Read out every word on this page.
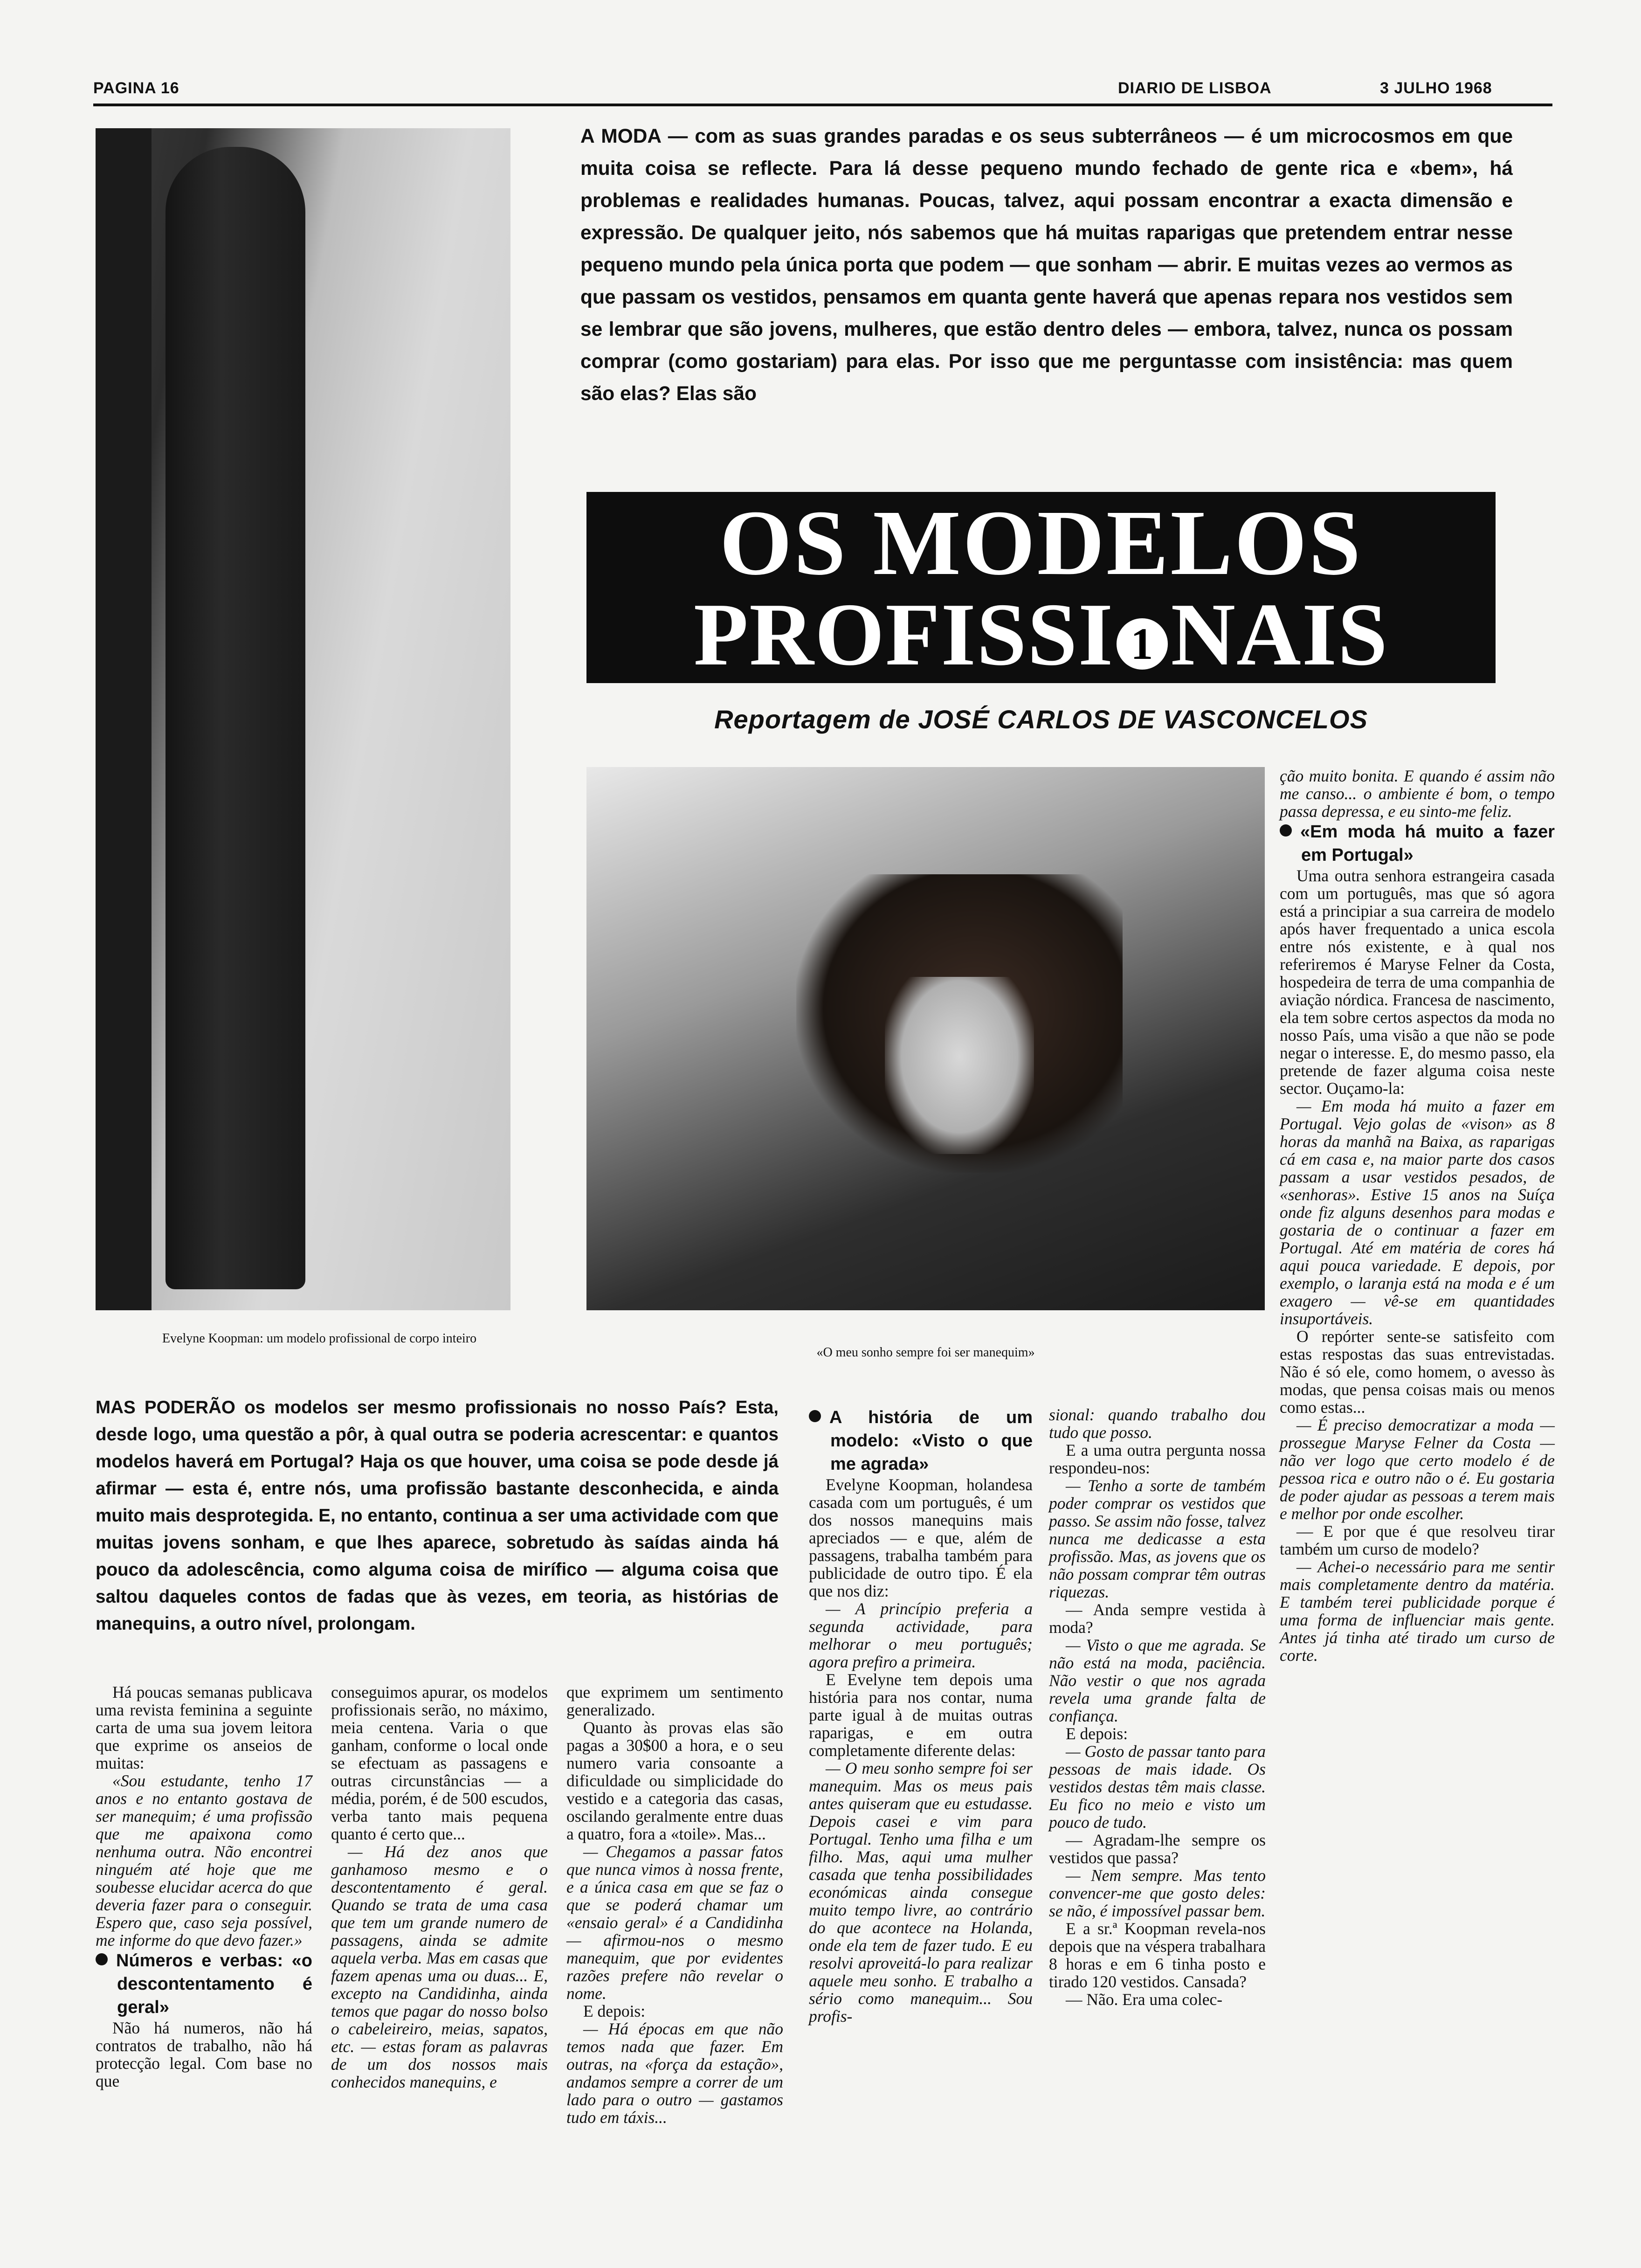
PAGINA 16	DIARIO DE LISBOA	3 JULHO 1968
Evelyne Koopman: um modelo profissional de corpo inteiro

A MODA — com as suas grandes paradas e os seus subterrâneos — é um microcosmos em que muita coisa se reflecte. Para lá desse pequeno mundo fechado de gente rica e «bem», há problemas e realidades humanas. Poucas, talvez, aqui possam encontrar a exacta dimensão e expressão. De qualquer jeito, nós sabemos que há muitas raparigas que pretendem entrar nesse pequeno mundo pela única porta que podem — que sonham — abrir. E muitas vezes ao vermos as que passam os vestidos, pensamos em quanta gente haverá que apenas repara nos vestidos sem se lembrar que são jovens, mulheres, que estão dentro deles — embora, talvez, nunca os possam comprar (como gostariam) para elas. Por isso que me perguntasse com insistência: mas quem são elas? Elas são

OS MODELOS
PROFISSI 1 NAIS
Reportagem de JOSÉ CARLOS DE VASCONCELOS
«O meu sonho sempre foi ser manequim»

MAS PODERÃO os modelos ser mesmo profissionais no nosso País? Esta, desde logo, uma questão a pôr, à qual outra se poderia acrescentar: e quantos modelos haverá em Portugal? Haja os que houver, uma coisa se pode desde já afirmar — esta é, entre nós, uma profissão bastante desconhecida, e ainda muito mais desprotegida. E, no entanto, continua a ser uma actividade com que muitas jovens sonham, e que lhes aparece, sobretudo às saídas ainda há pouco da adolescência, como alguma coisa de mirífico — alguma coisa que saltou daqueles contos de fadas que às vezes, em teoria, as histórias de manequins, a outro nível, prolongam.

ção muito bonita. E quando é assim não me canso... o ambiente é bom, o tempo passa depressa, e eu sinto-me feliz.

«Em moda há muito a fazer em Portugal»

Uma outra senhora estrangeira casada com um português, mas que só agora está a principiar a sua carreira de modelo após haver frequentado a unica escola entre nós existente, e à qual nos referiremos é Maryse Felner da Costa, hospedeira de terra de uma companhia de aviação nórdica. Francesa de nascimento, ela tem sobre certos aspectos da moda no nosso País, uma visão a que não se pode negar o interesse. E, do mesmo passo, ela pretende de fazer alguma coisa neste sector. Ouçamo-la:

— Em moda há muito a fazer em Portugal. Vejo golas de «vison» as 8 horas da manhã na Baixa, as raparigas cá em casa e, na maior parte dos casos passam a usar vestidos pesados, de «senhoras». Estive 15 anos na Suíça onde fiz alguns desenhos para modas e gostaria de o continuar a fazer em Portugal. Até em matéria de cores há aqui pouca variedade. E depois, por exemplo, o laranja está na moda e é um exagero — vê-se em quantidades insuportáveis.

O repórter sente-se satisfeito com estas respostas das suas entrevistadas. Não é só ele, como homem, o avesso às modas, que pensa coisas mais ou menos como estas...

— É preciso democratizar a moda — prossegue Maryse Felner da Costa — não ver logo que certo modelo é de pessoa rica e outro não o é. Eu gostaria de poder ajudar as pessoas a terem mais e melhor por onde escolher.

— E por que é que resolveu tirar também um curso de modelo?

— Achei-o necessário para me sentir mais completamente dentro da matéria. E também terei publicidade porque é uma forma de influenciar mais gente. Antes já tinha até tirado um curso de corte.

Há poucas semanas publicava uma revista feminina a seguinte carta de uma sua jovem leitora que exprime os anseios de muitas:

«Sou estudante, tenho 17 anos e no entanto gostava de ser manequim; é uma profissão que me apaixona como nenhuma outra. Não encontrei ninguém até hoje que me soubesse elucidar acerca do que deveria fazer para o conseguir. Espero que, caso seja possível, me informe do que devo fazer.»

Números e verbas: «o descontentamento é geral»

Não há numeros, não há contratos de trabalho, não há protecção legal. Com base no que

conseguimos apurar, os modelos profissionais serão, no máximo, meia centena. Varia o que ganham, conforme o local onde se efectuam as passagens e outras circunstâncias — a média, porém, é de 500 escudos, verba tanto mais pequena quanto é certo que...

— Há dez anos que ganhamoso mesmo e o descontentamento é geral. Quando se trata de uma casa que tem um grande numero de passagens, ainda se admite aquela verba. Mas em casas que fazem apenas uma ou duas... E, excepto na Candidinha, ainda temos que pagar do nosso bolso o cabeleireiro, meias, sapatos, etc. — estas foram as palavras de um dos nossos mais conhecidos manequins, e

que exprimem um sentimento generalizado.

Quanto às provas elas são pagas a 30$00 a hora, e o seu numero varia consoante a dificuldade ou simplicidade do vestido e a categoria das casas, oscilando geralmente entre duas a quatro, fora a «toile». Mas...

— Chegamos a passar fatos que nunca vimos à nossa frente, e a única casa em que se faz o que se poderá chamar um «ensaio geral» é a Candidinha — afirmou-nos o mesmo manequim, que por evidentes razões prefere não revelar o nome.

E depois:

— Há épocas em que não temos nada que fazer. Em outras, na «força da estação», andamos sempre a correr de um lado para o outro — gastamos tudo em táxis...

A história de um modelo: «Visto o que me agrada»

Evelyne Koopman, holandesa casada com um português, é um dos nossos manequins mais apreciados — e que, além de passagens, trabalha também para publicidade de outro tipo. É ela que nos diz:

— A princípio preferia a segunda actividade, para melhorar o meu português; agora prefiro a primeira.

E Evelyne tem depois uma história para nos contar, numa parte igual à de muitas outras raparigas, e em outra completamente diferente delas:

— O meu sonho sempre foi ser manequim. Mas os meus pais antes quiseram que eu estudasse. Depois casei e vim para Portugal. Tenho uma filha e um filho. Mas, aqui uma mulher casada que tenha possibilidades económicas ainda consegue muito tempo livre, ao contrário do que acontece na Holanda, onde ela tem de fazer tudo. E eu resolvi aproveitá-lo para realizar aquele meu sonho. E trabalho a sério como manequim... Sou profis-

sional: quando trabalho dou tudo que posso.

E a uma outra pergunta nossa respondeu-nos:

— Tenho a sorte de também poder comprar os vestidos que passo. Se assim não fosse, talvez nunca me dedicasse a esta profissão. Mas, as jovens que os não possam comprar têm outras riquezas.

— Anda sempre vestida à moda?

— Visto o que me agrada. Se não está na moda, paciência. Não vestir o que nos agrada revela uma grande falta de confiança.

E depois:

— Gosto de passar tanto para pessoas de mais idade. Os vestidos destas têm mais classe. Eu fico no meio e visto um pouco de tudo.

— Agradam-lhe sempre os vestidos que passa?

— Nem sempre. Mas tento convencer-me que gosto deles: se não, é impossível passar bem.

E a sr.ª Koopman revela-nos depois que na véspera trabalhara 8 horas e em 6 tinha posto e tirado 120 vestidos. Cansada?

— Não. Era uma colec-
